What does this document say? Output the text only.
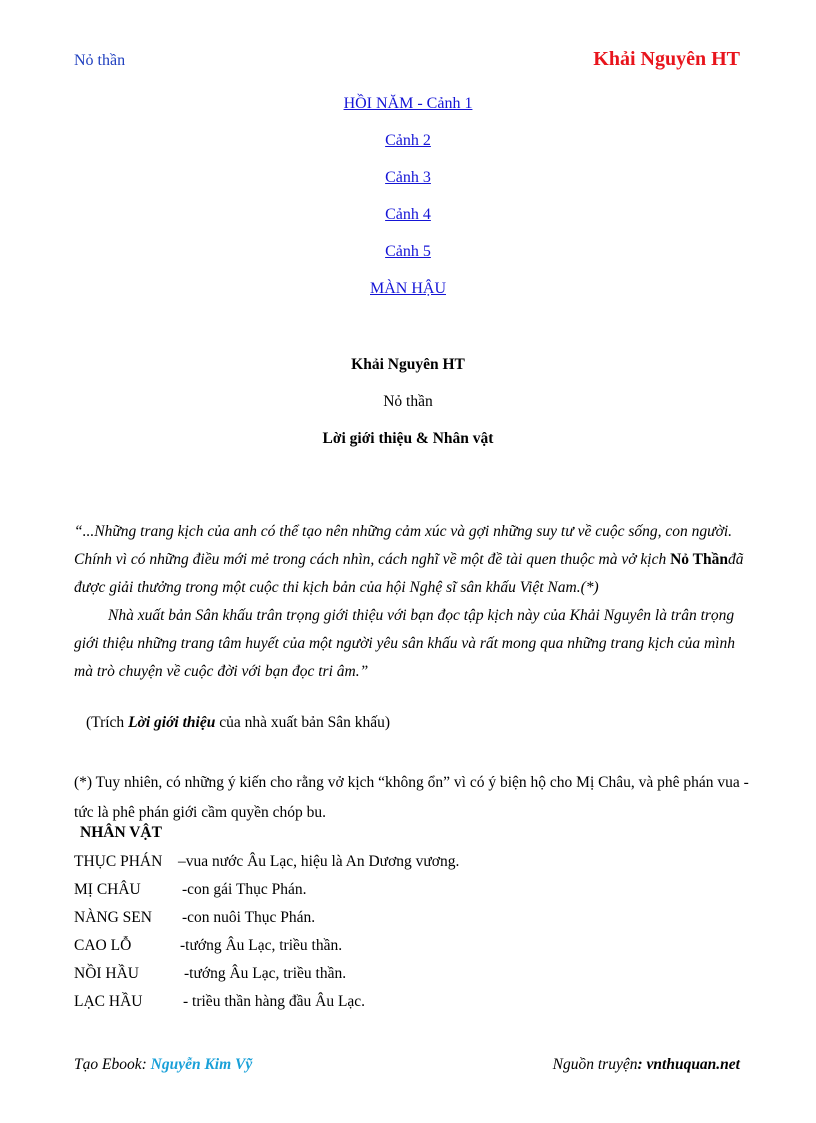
Nỏ thần	Khải Nguyên HT
HỒI NĂM - Cảnh 1
Cảnh 2
Cảnh 3
Cảnh 4
Cảnh 5
MÀN HẬU
Khải Nguyên HT
Nỏ thần
Lời giới thiệu & Nhân vật

“...Những trang kịch của anh có thể tạo nên những cảm xúc và gợi những suy tư về cuộc sống, con người. Chính vì có những điều mới mẻ trong cách nhìn, cách nghĩ về một đề tài quen thuộc mà vở kịch Nỏ Thầnđã được giải thưởng trong một cuộc thi kịch bản của hội Nghệ sĩ sân khấu Việt Nam.(*)

Nhà xuất bản Sân khấu trân trọng giới thiệu với bạn đọc tập kịch này của Khải Nguyên là trân trọng giới thiệu những trang tâm huyết của một người yêu sân khấu và rất mong qua những trang kịch của mình mà trò chuyện về cuộc đời với bạn đọc tri âm.”

(Trích Lời giới thiệu của nhà xuất bản Sân khấu)
(*) Tuy nhiên, có những ý kiến cho rằng vở kịch “không ổn” vì có ý biện hộ cho Mị Châu, và phê phán vua -tức là phê phán giới cầm quyền chóp bu.
NHÂN VẬT
THỤC PHÁN –vua nước Âu Lạc, hiệu là An Dương vương.
MỊ CHÂU	-con gái Thục Phán.
NÀNG SEN -con nuôi Thục Phán.
CAO LỖ	-tướng Âu Lạc, triều thần.
NỒI HẦU	-tướng Âu Lạc, triều thần.
LẠC HẦU	- triều thần hàng đầu Âu Lạc.
Tạo Ebook: Nguyễn Kim Vỹ	Nguồn truyện: vnthuquan.net
